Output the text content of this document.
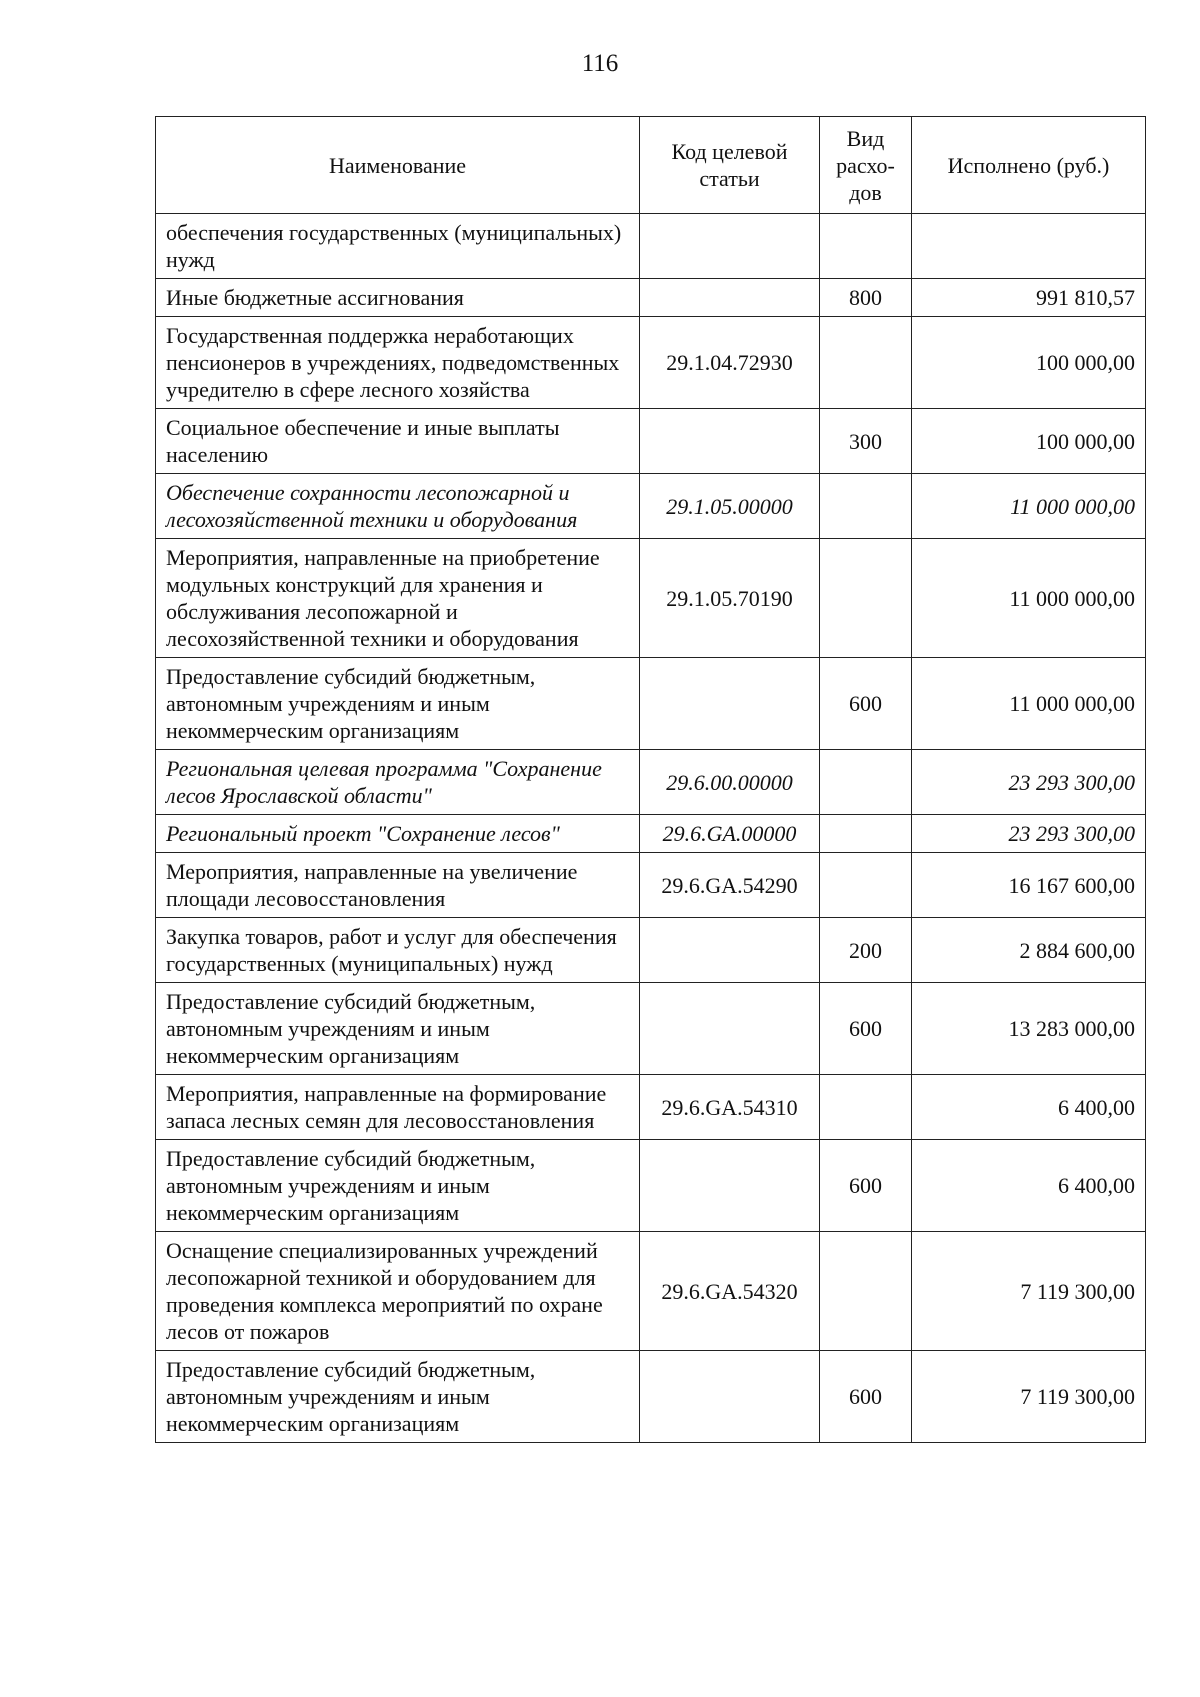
116
Наименование	Код целевой статьи	Вид расхо-дов	Исполнено (руб.)
обеспечения государственных (муниципальных) нужд			
Иные бюджетные ассигнования		800	991 810,57
Государственная поддержка неработающих пенсионеров в учреждениях, подведомственных учредителю в сфере лесного хозяйства	29.1.04.72930		100 000,00
Социальное обеспечение и иные выплаты населению		300	100 000,00
Обеспечение сохранности лесопожарной и лесохозяйственной техники и оборудования	29.1.05.00000		11 000 000,00
Мероприятия, направленные на приобретение модульных конструкций для хранения и обслуживания лесопожарной и лесохозяйственной техники и оборудования	29.1.05.70190		11 000 000,00
Предоставление субсидий бюджетным, автономным учреждениям и иным некоммерческим организациям		600	11 000 000,00
Региональная целевая программа "Сохранение лесов Ярославской области"	29.6.00.00000		23 293 300,00
Региональный проект "Сохранение лесов"	29.6.GA.00000		23 293 300,00
Мероприятия, направленные на увеличение площади лесовосстановления	29.6.GA.54290		16 167 600,00
Закупка товаров, работ и услуг для обеспечения государственных (муниципальных) нужд		200	2 884 600,00
Предоставление субсидий бюджетным, автономным учреждениям и иным некоммерческим организациям		600	13 283 000,00
Мероприятия, направленные на формирование запаса лесных семян для лесовосстановления	29.6.GA.54310		6 400,00
Предоставление субсидий бюджетным, автономным учреждениям и иным некоммерческим организациям		600	6 400,00
Оснащение специализированных учреждений лесопожарной техникой и оборудованием для проведения комплекса мероприятий по охране лесов от пожаров	29.6.GA.54320		7 119 300,00
Предоставление субсидий бюджетным, автономным учреждениям и иным некоммерческим организациям		600	7 119 300,00
